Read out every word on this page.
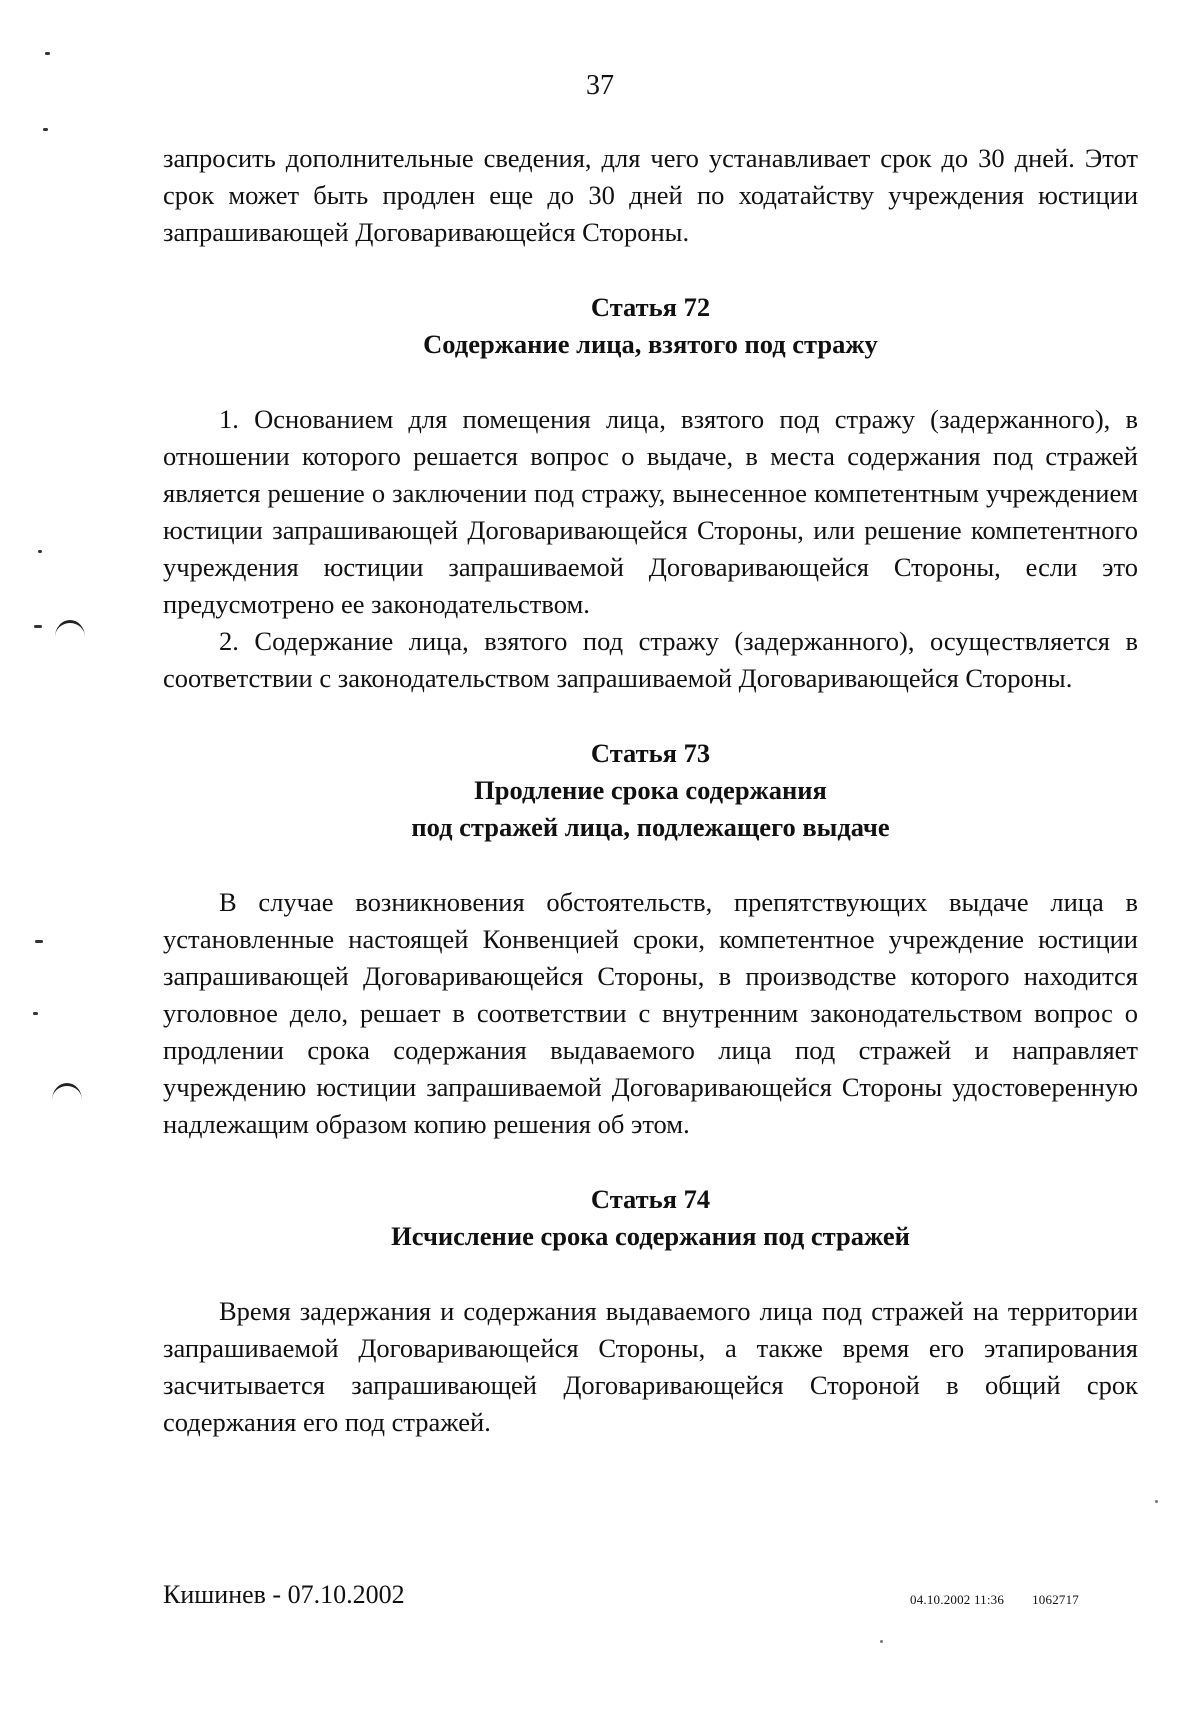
37

запросить дополнительные сведения, для чего устанавливает срок до 30 дней. Этот срок может быть продлен еще до 30 дней по ходатайству учреждения юстиции запрашивающей Договаривающейся Стороны.

Статья 72
Содержание лица, взятого под стражу

1. Основанием для помещения лица, взятого под стражу (задержанного), в отношении которого решается вопрос о выдаче, в места содержания под стражей является решение о заключении под стражу, вынесенное компетентным учреждением юстиции запрашивающей Договаривающейся Стороны, или решение компетентного учреждения юстиции запрашиваемой Договаривающейся Стороны, если это предусмотрено ее законодательством.

2. Содержание лица, взятого под стражу (задержанного), осуществляется в соответствии с законодательством запрашиваемой Договаривающейся Стороны.

Статья 73
Продление срока содержания
под стражей лица, подлежащего выдаче

В случае возникновения обстоятельств, препятствующих выдаче лица в установленные настоящей Конвенцией сроки, компетентное учреждение юстиции запрашивающей Договаривающейся Стороны, в производстве которого находится уголовное дело, решает в соответствии с внутренним законодательством вопрос о продлении срока содержания выдаваемого лица под стражей и направляет учреждению юстиции запрашиваемой Договаривающейся Стороны удостоверенную надлежащим образом копию решения об этом.

Статья 74
Исчисление срока содержания под стражей

Время задержания и содержания выдаваемого лица под стражей на территории запрашиваемой Договаривающейся Стороны, а также время его этапирования засчитывается запрашивающей Договаривающейся Стороной в общий срок содержания его под стражей.

Кишинев - 07.10.2002	04.10.2002 11:36 1062717
